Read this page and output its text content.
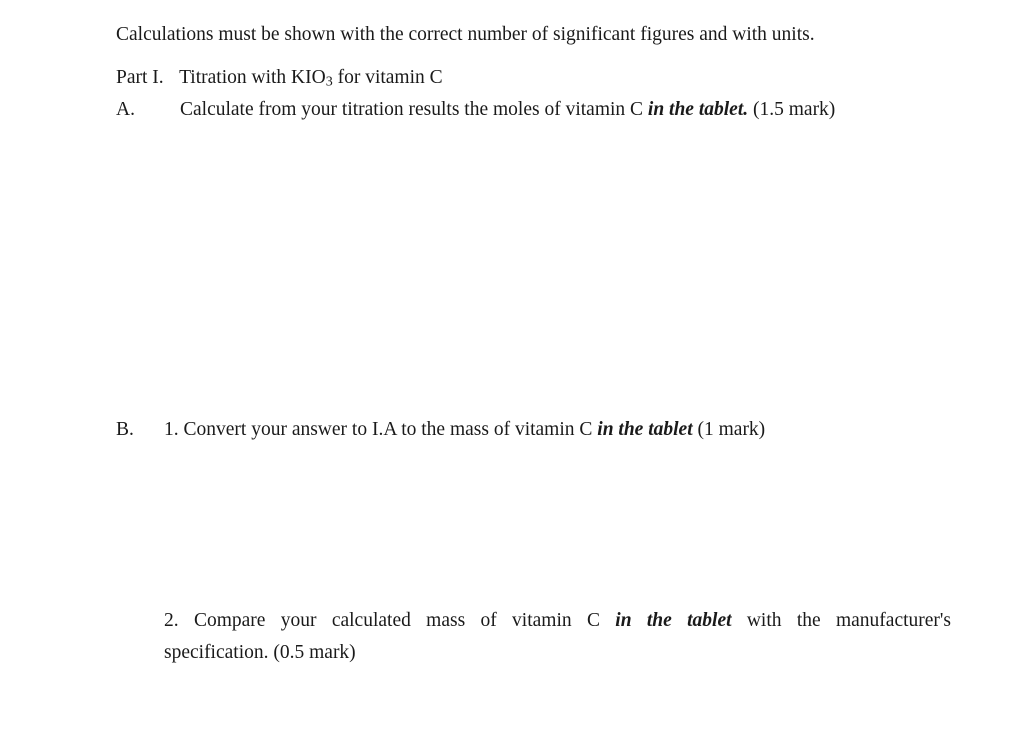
Calculations must be shown with the correct number of significant figures and with units.
Part I. Titration with $KIO_3$ for vitamin C
A. Calculate from your titration results the moles of vitamin C in the tablet. (1.5 mark)
B. 1. Convert your answer to I.A to the mass of vitamin C in the tablet (1 mark)
2. Compare your calculated mass of vitamin C in the tablet with the manufacturer's
specification. (0.5 mark)
